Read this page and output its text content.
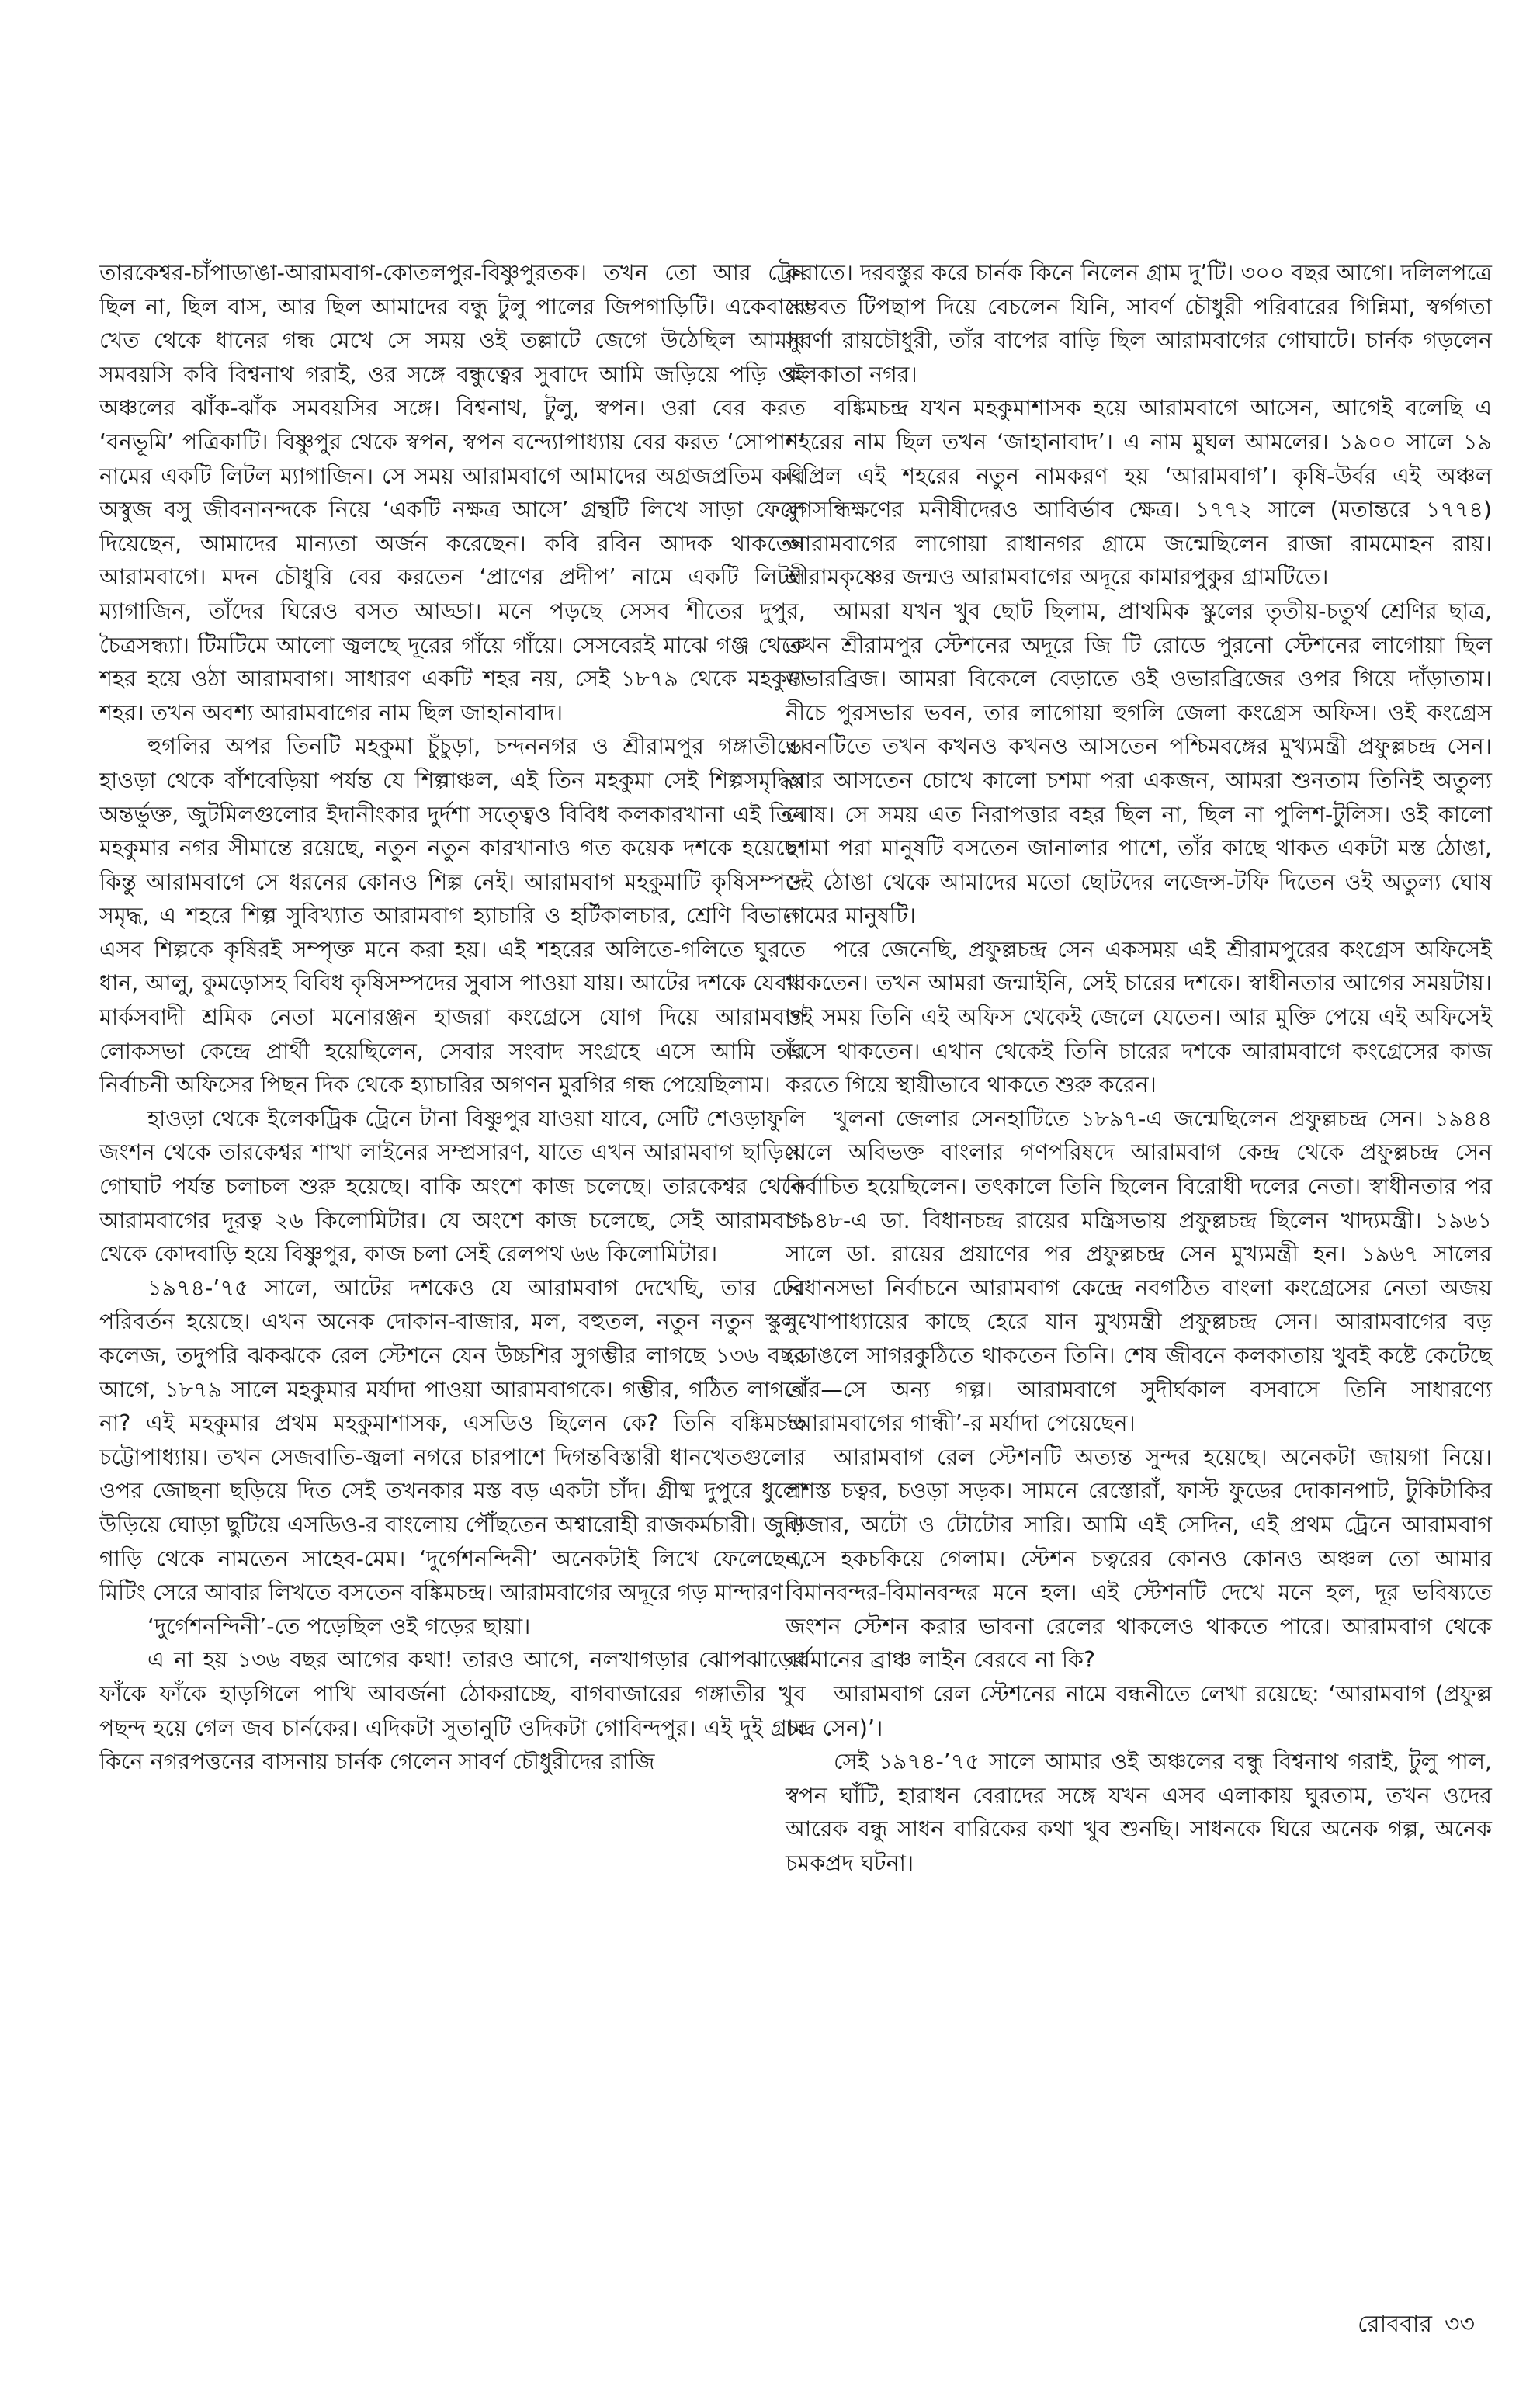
তারকেশ্বর-চাঁপাডাঙা-আরামবাগ-কোতলপুর-বিষ্ণুপুরতক। তখন তো আর ট্রেন ছিল না, ছিল বাস, আর ছিল আমাদের বন্ধু টুলু পালের জিপগাড়িটি। একেবারে খেত থেকে ধানের গন্ধ মেখে সে সময় ওই তল্লাটে জেগে উঠেছিল আমার সমবয়সি কবি বিশ্বনাথ গরাই, ওর সঙ্গে বন্ধুত্বের সুবাদে আমি জড়িয়ে পড়ি ওই অঞ্চলের ঝাঁক-ঝাঁক সমবয়সির সঙ্গে। বিশ্বনাথ, টুলু, স্বপন। ওরা বের করত ‘বনভূমি’ পত্রিকাটি। বিষ্ণুপুর থেকে স্বপন, স্বপন বন্দ্যোপাধ্যায় বের করত ‘সোপান’ নামের একটি লিটল ম্যাগাজিন। সে সময় আরামবাগে আমাদের অগ্রজপ্রতিম কবি অস্বুজ বসু জীবনানন্দকে নিয়ে ‘একটি নক্ষত্র আসে’ গ্রন্থটি লিখে সাড়া ফেলে দিয়েছেন, আমাদের মান্যতা অর্জন করেছেন। কবি রবিন আদক থাকতেন আরামবাগে। মদন চৌধুরি বের করতেন ‘প্রাণের প্রদীপ’ নামে একটি লিটল ম্যাগাজিন, তাঁদের ঘিরেও বসত আড্ডা। মনে পড়ছে সেসব শীতের দুপুর, চৈত্রসন্ধ্যা। টিমটিমে আলো জ্বলছে দূরের গাঁয়ে গাঁয়ে। সেসবেরই মাঝে গঞ্জ থেকে শহর হয়ে ওঠা আরামবাগ। সাধারণ একটি শহর নয়, সেই ১৮৭৯ থেকে মহকুমা শহর। তখন অবশ্য আরামবাগের নাম ছিল জাহানাবাদ।

হুগলির অপর তিনটি মহকুমা চুঁচুড়া, চন্দননগর ও শ্রীরামপুর গঙ্গাতীরে। হাওড়া থেকে বাঁশবেড়িয়া পর্যন্ত যে শিল্পাঞ্চল, এই তিন মহকুমা সেই শিল্পসমৃদ্ধির অন্তর্ভুক্ত, জুটমিলগুলোর ইদানীংকার দুর্দশা সত্ত্বেও বিবিধ কলকারখানা এই তিন মহকুমার নগর সীমান্তে রয়েছে, নতুন নতুন কারখানাও গত কয়েক দশকে হয়েছে। কিন্তু আরামবাগে সে ধরনের কোনও শিল্প নেই। আরামবাগ মহকুমাটি কৃষিসম্পদে সমৃদ্ধ, এ শহরে শিল্প সুবিখ্যাত আরামবাগ হ্যাচারি ও হর্টিকালচার, শ্রেণি বিভাগে এসব শিল্পকে কৃষিরই সম্পৃক্ত মনে করা হয়। এই শহরের অলিতে-গলিতে ঘুরতে ধান, আলু, কুমড়োসহ বিবিধ কৃষিসম্পদের সুবাস পাওয়া যায়। আটের দশকে যেবার মার্কসবাদী শ্রমিক নেতা মনোরঞ্জন হাজরা কংগ্রেসে যোগ দিয়ে আরামবাগ লোকসভা কেন্দ্রে প্রার্থী হয়েছিলেন, সেবার সংবাদ সংগ্রহে এসে আমি তাঁর নির্বাচনী অফিসের পিছন দিক থেকে হ্যাচারির অগণন মুরগির গন্ধ পেয়েছিলাম।

হাওড়া থেকে ইলেকট্রিক ট্রেনে টানা বিষ্ণুপুর যাওয়া যাবে, সেটি শেওড়াফুলি জংশন থেকে তারকেশ্বর শাখা লাইনের সম্প্রসারণ, যাতে এখন আরামবাগ ছাড়িয়ে গোঘাট পর্যন্ত চলাচল শুরু হয়েছে। বাকি অংশে কাজ চলেছে। তারকেশ্বর থেকে আরামবাগের দূরত্ব ২৬ কিলোমিটার। যে অংশে কাজ চলেছে, সেই আরামবাগ থেকে কোদবাড়ি হয়ে বিষ্ণুপুর, কাজ চলা সেই রেলপথ ৬৬ কিলোমিটার।

১৯৭৪-’৭৫ সালে, আটের দশকেও যে আরামবাগ দেখেছি, তার ঢের পরিবর্তন হয়েছে। এখন অনেক দোকান-বাজার, মল, বহুতল, নতুন নতুন স্কুল-কলেজ, তদুপরি ঝকঝকে রেল স্টেশনে যেন উচ্চশির সুগম্ভীর লাগছে ১৩৬ বছর আগে, ১৮৭৯ সালে মহকুমার মর্যাদা পাওয়া আরামবাগকে। গম্ভীর, গঠিত লাগবে না? এই মহকুমার প্রথম মহকুমাশাসক, এসডিও ছিলেন কে? তিনি বঙ্কিমচন্দ্র চট্টোপাধ্যায়। তখন সেজবাতি-জ্বলা নগরে চারপাশে দিগন্তবিস্তারী ধানখেতগুলোর ওপর জোছনা ছড়িয়ে দিত সেই তখনকার মস্ত বড় একটা চাঁদ। গ্রীষ্ম দুপুরে ধুলো উড়িয়ে ঘোড়া ছুটিয়ে এসডিও-র বাংলোয় পৌঁছতেন অশ্বারোহী রাজকর্মচারী। জুড়ি গাড়ি থেকে নামতেন সাহেব-মেম। ‘দুর্গেশনন্দিনী’ অনেকটাই লিখে ফেলেছেন, মিটিং সেরে আবার লিখতে বসতেন বঙ্কিমচন্দ্র। আরামবাগের অদূরে গড় মান্দারণ।

‘দুর্গেশনন্দিনী’-তে পড়েছিল ওই গড়ের ছায়া।

এ না হয় ১৩৬ বছর আগের কথা! তারও আগে, নলখাগড়ার ঝোপঝাড়ের ফাঁকে ফাঁকে হাড়গিলে পাখি আবর্জনা ঠোকরাচ্ছে, বাগবাজারের গঙ্গাতীর খুব পছন্দ হয়ে গেল জব চার্নকের। এদিকটা সুতানুটি ওদিকটা গোবিন্দপুর। এই দুই গ্রাম কিনে নগরপত্তনের বাসনায় চার্নক গেলেন সাবর্ণ চৌধুরীদের রাজি

করাতে। দরবস্তুর করে চার্নক কিনে নিলেন গ্রাম দু’টি। ৩০০ বছর আগে। দলিলপত্রে সম্ভবত টিপছাপ দিয়ে বেচলেন যিনি, সাবর্ণ চৌধুরী পরিবারের গিন্নিমা, স্বর্গগতা সুবর্ণা রায়চৌধুরী, তাঁর বাপের বাড়ি ছিল আরামবাগের গোঘাটে। চার্নক গড়লেন কলকাতা নগর।

বঙ্কিমচন্দ্র যখন মহকুমাশাসক হয়ে আরামবাগে আসেন, আগেই বলেছি এ শহরের নাম ছিল তখন ‘জাহানাবাদ’। এ নাম মুঘল আমলের। ১৯০০ সালে ১৯ এপ্রিল এই শহরের নতুন নামকরণ হয় ‘আরামবাগ’। কৃষি-উর্বর এই অঞ্চল যুগসন্ধিক্ষণের মনীষীদেরও আবির্ভাব ক্ষেত্র। ১৭৭২ সালে (মতান্তরে ১৭৭৪) আরামবাগের লাগোয়া রাধানগর গ্রামে জন্মেছিলেন রাজা রামমোহন রায়। শ্রীরামকৃষ্ণের জন্মও আরামবাগের অদূরে কামারপুকুর গ্রামটিতে।

আমরা যখন খুব ছোট ছিলাম, প্রাথমিক স্কুলের তৃতীয়-চতুর্থ শ্রেণির ছাত্র, তখন শ্রীরামপুর স্টেশনের অদূরে জি টি রোডে পুরনো স্টেশনের লাগোয়া ছিল ওভারব্রিজ। আমরা বিকেলে বেড়াতে ওই ওভারব্রিজের ওপর গিয়ে দাঁড়াতাম। নীচে পুরসভার ভবন, তার লাগোয়া হুগলি জেলা কংগ্রেস অফিস। ওই কংগ্রেস ভবনটিতে তখন কখনও কখনও আসতেন পশ্চিমবঙ্গের মুখ্যমন্ত্রী প্রফুল্লচন্দ্র সেন। আর আসতেন চোখে কালো চশমা পরা একজন, আমরা শুনতাম তিনিই অতুল্য ঘোষ। সে সময় এত নিরাপত্তার বহর ছিল না, ছিল না পুলিশ-টুলিস। ওই কালো চশমা পরা মানুষটি বসতেন জানালার পাশে, তাঁর কাছে থাকত একটা মস্ত ঠোঙা, ওই ঠোঙা থেকে আমাদের মতো ছোটদের লজেন্স-টফি দিতেন ওই অতুল্য ঘোষ নামের মানুষটি।

পরে জেনেছি, প্রফুল্লচন্দ্র সেন একসময় এই শ্রীরামপুরের কংগ্রেস অফিসেই থাকতেন। তখন আমরা জন্মাইনি, সেই চারের দশকে। স্বাধীনতার আগের সময়টায়। ওই সময় তিনি এই অফিস থেকেই জেলে যেতেন। আর মুক্তি পেয়ে এই অফিসেই এসে থাকতেন। এখান থেকেই তিনি চারের দশকে আরামবাগে কংগ্রেসের কাজ করতে গিয়ে স্থায়ীভাবে থাকতে শুরু করেন।

খুলনা জেলার সেনহাটিতে ১৮৯৭-এ জন্মেছিলেন প্রফুল্লচন্দ্র সেন। ১৯৪৪ সালে অবিভক্ত বাংলার গণপরিষদে আরামবাগ কেন্দ্র থেকে প্রফুল্লচন্দ্র সেন নির্বাচিত হয়েছিলেন। তৎকালে তিনি ছিলেন বিরোধী দলের নেতা। স্বাধীনতার পর ১৯৪৮-এ ডা. বিধানচন্দ্র রায়ের মন্ত্রিসভায় প্রফুল্লচন্দ্র ছিলেন খাদ্যমন্ত্রী। ১৯৬১ সালে ডা. রায়ের প্রয়াণের পর প্রফুল্লচন্দ্র সেন মুখ্যমন্ত্রী হন। ১৯৬৭ সালের বিধানসভা নির্বাচনে আরামবাগ কেন্দ্রে নবগঠিত বাংলা কংগ্রেসের নেতা অজয় মুখোপাধ্যায়ের কাছে হেরে যান মুখ্যমন্ত্রী প্রফুল্লচন্দ্র সেন। আরামবাগের বড় ডোঙলে সাগরকুঠিতে থাকতেন তিনি। শেষ জীবনে কলকাতায় খুবই কষ্টে কেটেছে তাঁর—সে অন্য গল্প। আরামবাগে সুদীর্ঘকাল বসবাসে তিনি সাধারণ্যে ‘আরামবাগের গান্ধী’-র মর্যাদা পেয়েছেন।

আরামবাগ রেল স্টেশনটি অত্যন্ত সুন্দর হয়েছে। অনেকটা জায়গা নিয়ে। প্রশস্ত চত্বর, চওড়া সড়ক। সামনে রেস্তোরাঁ, ফাস্ট ফুডের দোকানপাট, টুকিটাকির বাজার, অটো ও টোটোর সারি। আমি এই সেদিন, এই প্রথম ট্রেনে আরামবাগ এসে হকচকিয়ে গেলাম। স্টেশন চত্বরের কোনও কোনও অঞ্চল তো আমার বিমানবন্দর-বিমানবন্দর মনে হল। এই স্টেশনটি দেখে মনে হল, দূর ভবিষ্যতে জংশন স্টেশন করার ভাবনা রেলের থাকলেও থাকতে পারে। আরামবাগ থেকে বর্ধমানের ব্রাঞ্চ লাইন বেরবে না কি?

আরামবাগ রেল স্টেশনের নামে বন্ধনীতে লেখা রয়েছে: ‘আরামবাগ (প্রফুল্ল চন্দ্র সেন)’।

সেই ১৯৭৪-’৭৫ সালে আমার ওই অঞ্চলের বন্ধু বিশ্বনাথ গরাই, টুলু পাল, স্বপন ঘাঁটি, হারাধন বেরাদের সঙ্গে যখন এসব এলাকায় ঘুরতাম, তখন ওদের আরেক বন্ধু সাধন বারিকের কথা খুব শুনছি। সাধনকে ঘিরে অনেক গল্প, অনেক চমকপ্রদ ঘটনা।

রোববার ৩৩
